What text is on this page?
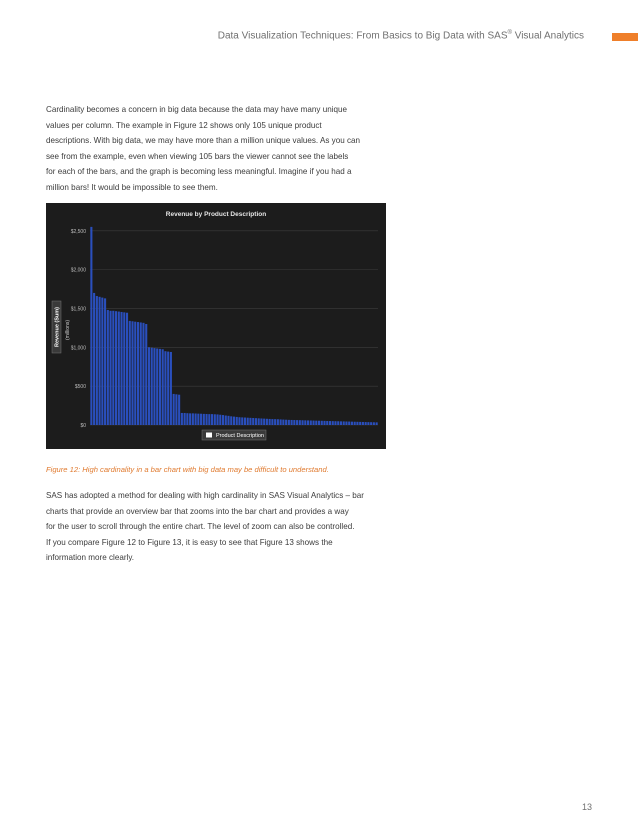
Data Visualization Techniques: From Basics to Big Data with SAS® Visual Analytics
Cardinality becomes a concern in big data because the data may have many unique
values per column. The example in Figure 12 shows only 105 unique product
descriptions. With big data, we may have more than a million unique values. As you can
see from the example, even when viewing 105 bars the viewer cannot see the labels
for each of the bars, and the graph is becoming less meaningful. Imagine if you had a
million bars! It would be impossible to see them.
Revenue by Product Description
$0
$500
$1,000
$1,500
$2,000
$2,500
Revenue (Sum) (millions)
Product Description
Figure 12: High cardinality in a bar chart with big data may be difficult to understand.
SAS has adopted a method for dealing with high cardinality in SAS Visual Analytics – bar
charts that provide an overview bar that zooms into the bar chart and provides a way
for the user to scroll through the entire chart. The level of zoom can also be controlled.
If you compare Figure 12 to Figure 13, it is easy to see that Figure 13 shows the
information more clearly.
13
